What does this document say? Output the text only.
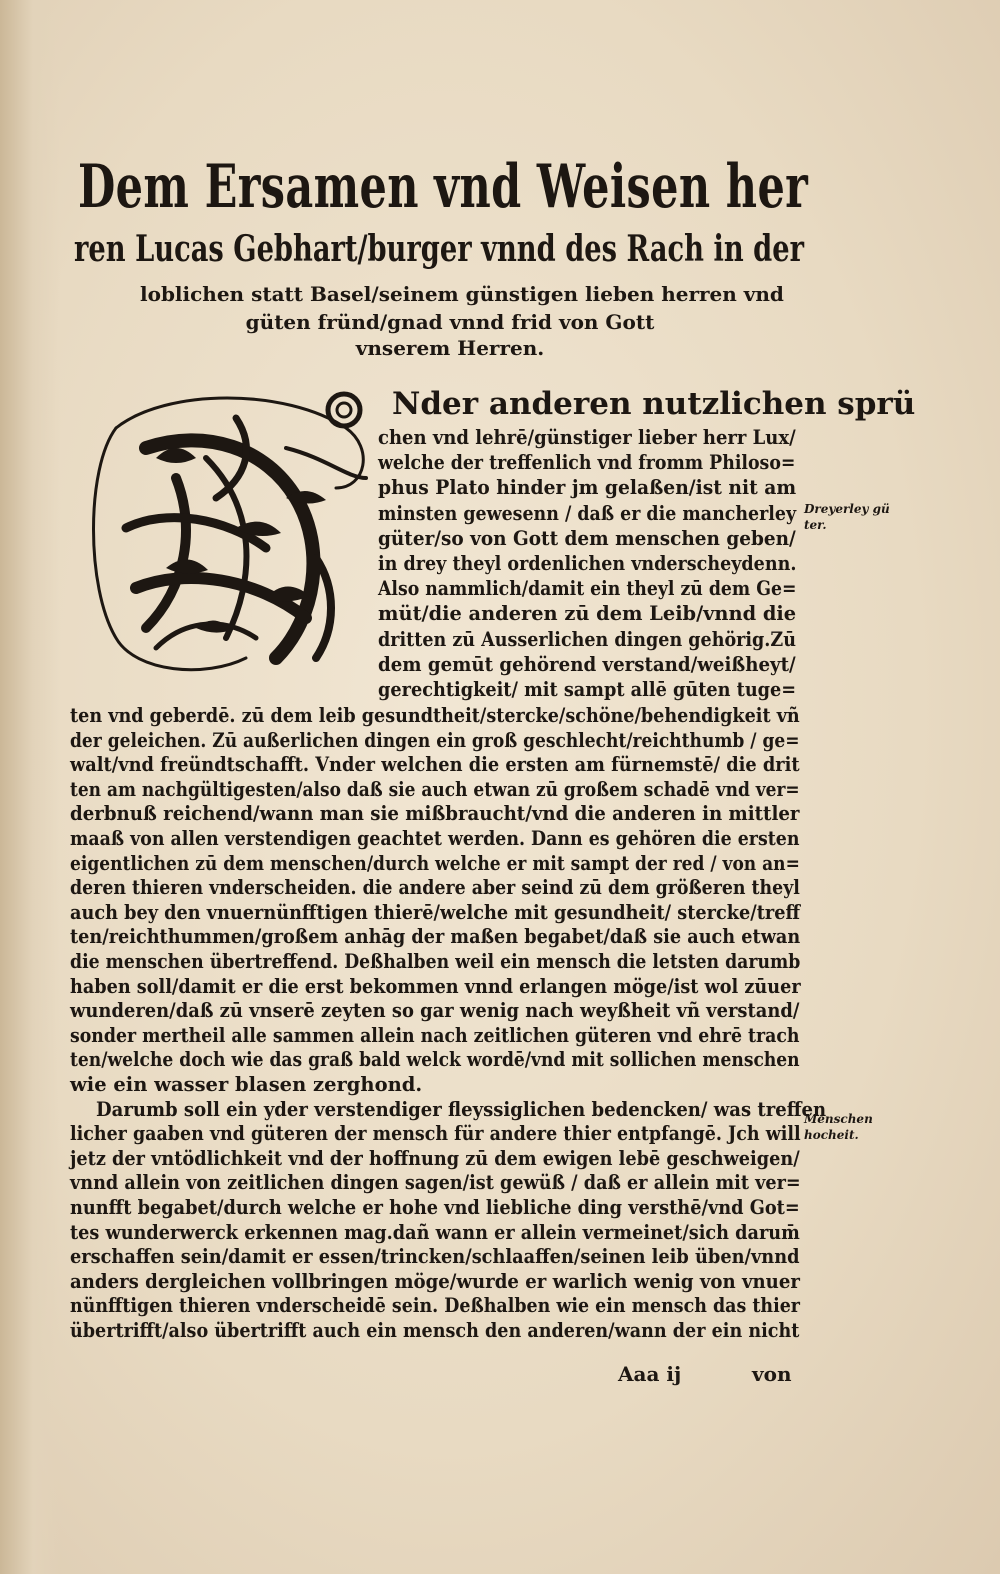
Dem Ersamen vnd Weisen her
ren Lucas Gebhart/burger vnnd des Rach in der
loblichen statt Basel/seinem günstigen lieben herren vnd
güten fründ/gnad vnnd frid von Gott
vnserem Herren.
Nder anderen nutzlichen sprü
chen vnd lehrē/günstiger lieber herr Lux/
welche der treffenlich vnd fromm Philoso=
phus Plato hinder jm gelaßen/ist nit am
minsten gewesenn / daß er die mancherley
güter/so von Gott dem menschen geben/
in drey theyl ordenlichen vnderscheydenn.
Also nammlich/damit ein theyl zū dem Ge=
müt/die anderen zū dem Leib/vnnd die
dritten zū Ausserlichen dingen gehörig.Zū
dem gemūt gehörend verstand/weißheyt/
gerechtigkeit/ mit sampt allē gūten tuge=
ten vnd geberdē. zū dem leib gesundtheit/stercke/schöne/behendigkeit vñ
der geleichen. Zū außerlichen dingen ein groß geschlecht/reichthumb / ge=
walt/vnd freündtschafft. Vnder welchen die ersten am fürnemstē/ die drit
ten am nachgültigesten/also daß sie auch etwan zū großem schadē vnd ver=
derbnuß reichend/wann man sie mißbraucht/vnd die anderen in mittler
maaß von allen verstendigen geachtet werden. Dann es gehören die ersten
eigentlichen zū dem menschen/durch welche er mit sampt der red / von an=
deren thieren vnderscheiden. die andere aber seind zū dem größeren theyl
auch bey den vnuernünfftigen thierē/welche mit gesundheit/ stercke/treff
ten/reichthummen/großem anhāg der maßen begabet/daß sie auch etwan
die menschen übertreffend. Deßhalben weil ein mensch die letsten darumb
haben soll/damit er die erst bekommen vnnd erlangen möge/ist wol zūuer
wunderen/daß zū vnserē zeyten so gar wenig nach weyßheit vñ verstand/
sonder mertheil alle sammen allein nach zeitlichen güteren vnd ehrē trach
ten/welche doch wie das graß bald welck wordē/vnd mit sollichen menschen
wie ein wasser blasen zerghond.
Darumb soll ein yder verstendiger fleyssiglichen bedencken/ was treffen
licher gaaben vnd güteren der mensch für andere thier entpfangē. Jch will
jetz der vntödlichkeit vnd der hoffnung zū dem ewigen lebē geschweigen/
vnnd allein von zeitlichen dingen sagen/ist gewüß / daß er allein mit ver=
nunfft begabet/durch welche er hohe vnd liebliche ding versthē/vnd Got=
tes wunderwerck erkennen mag.dañ wann er allein vermeinet/sich darum̄
erschaffen sein/damit er essen/trincken/schlaaffen/seinen leib üben/vnnd
anders dergleichen vollbringen möge/wurde er warlich wenig von vnuer
nünfftigen thieren vnderscheidē sein. Deßhalben wie ein mensch das thier
übertrifft/also übertrifft auch ein mensch den anderen/wann der ein nicht
Dreyerley gü
ter.
Menschen
hocheit.
Aaa ij	von
